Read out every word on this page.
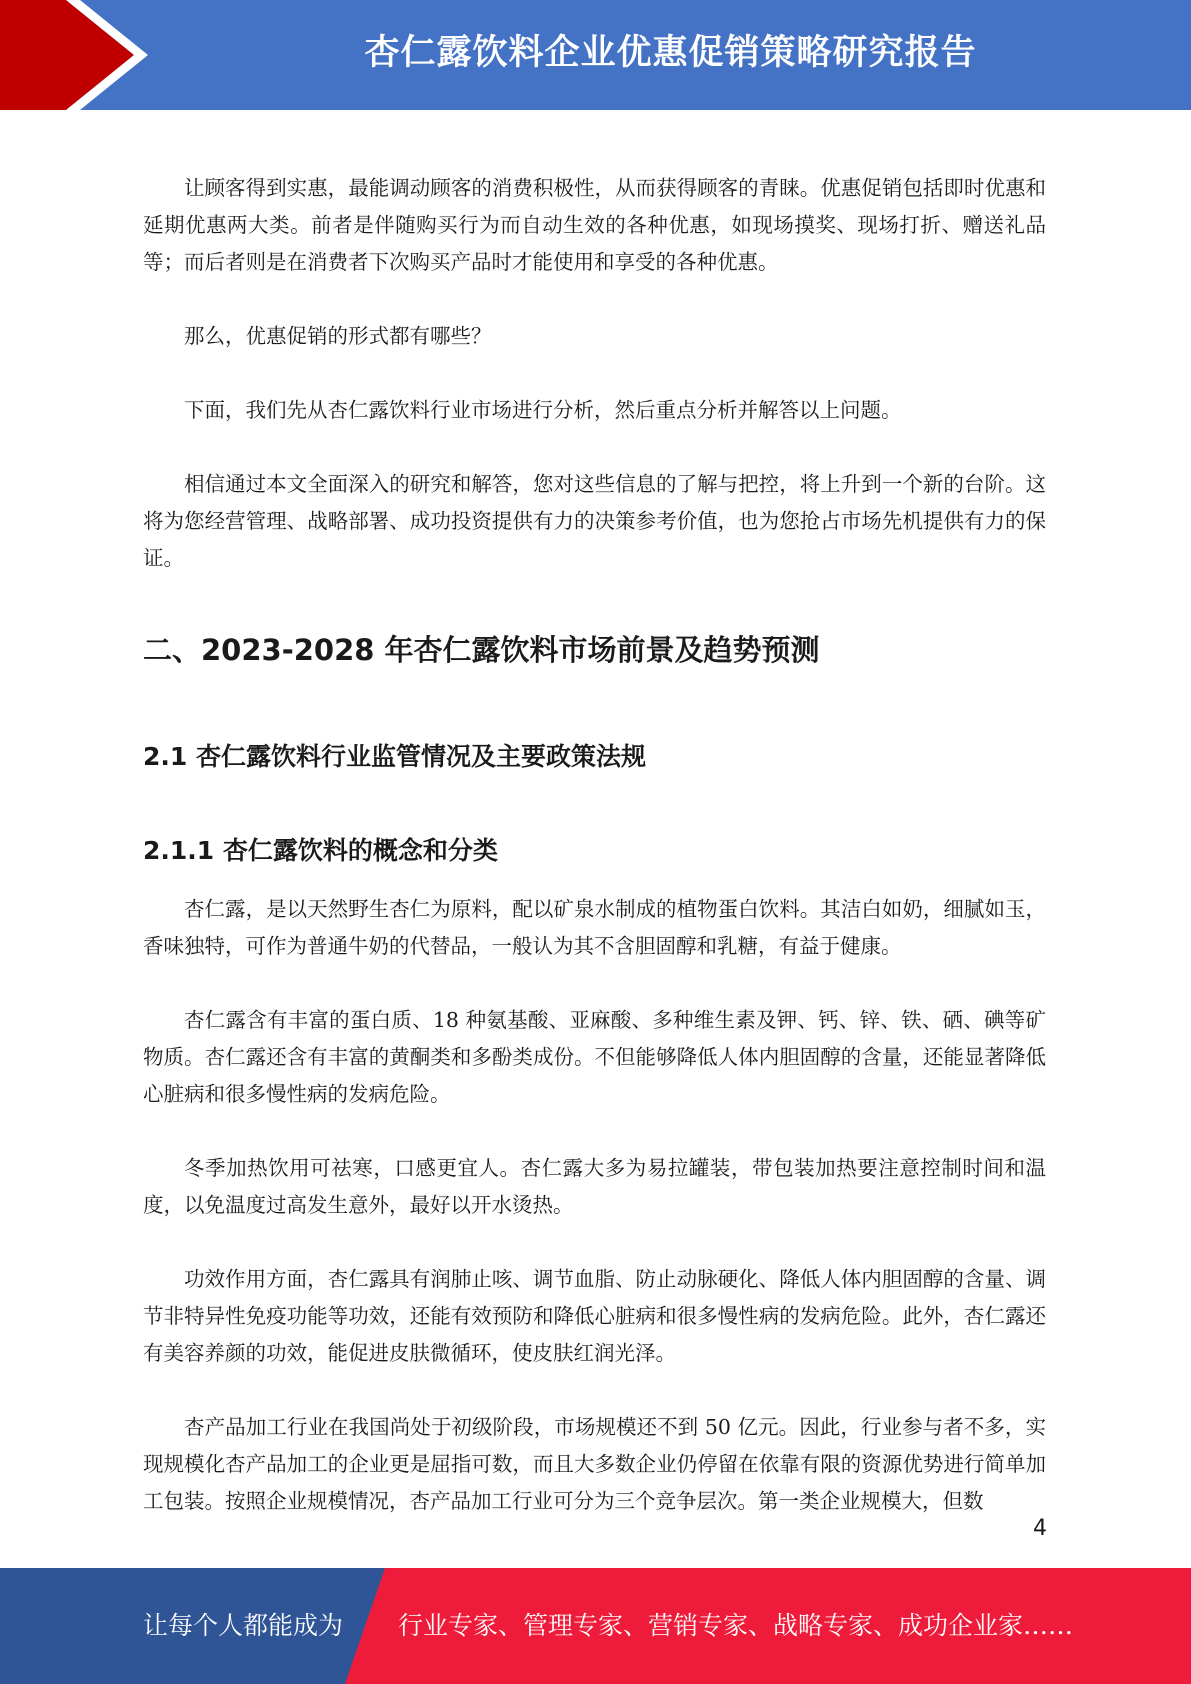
杏仁露饮料企业优惠促销策略研究报告

让顾客得到实惠，最能调动顾客的消费积极性，从而获得顾客的青睐。优惠促销包括即时优惠和延期优惠两大类。前者是伴随购买行为而自动生效的各种优惠，如现场摸奖、现场打折、赠送礼品等；而后者则是在消费者下次购买产品时才能使用和享受的各种优惠。

那么，优惠促销的形式都有哪些？

下面，我们先从杏仁露饮料行业市场进行分析，然后重点分析并解答以上问题。

相信通过本文全面深入的研究和解答，您对这些信息的了解与把控，将上升到一个新的台阶。这将为您经营管理、战略部署、成功投资提供有力的决策参考价值，也为您抢占市场先机提供有力的保证。

二、2023-2028 年杏仁露饮料市场前景及趋势预测
2.1 杏仁露饮料行业监管情况及主要政策法规
2.1.1 杏仁露饮料的概念和分类

杏仁露，是以天然野生杏仁为原料，配以矿泉水制成的植物蛋白饮料。其洁白如奶，细腻如玉，香味独特，可作为普通牛奶的代替品，一般认为其不含胆固醇和乳糖，有益于健康。

杏仁露含有丰富的蛋白质、18 种氨基酸、亚麻酸、多种维生素及钾、钙、锌、铁、硒、碘等矿物质。杏仁露还含有丰富的黄酮类和多酚类成份。不但能够降低人体内胆固醇的含量，还能显著降低心脏病和很多慢性病的发病危险。

冬季加热饮用可祛寒，口感更宜人。杏仁露大多为易拉罐装，带包装加热要注意控制时间和温度，以免温度过高发生意外，最好以开水烫热。

功效作用方面，杏仁露具有润肺止咳、调节血脂、防止动脉硬化、降低人体内胆固醇的含量、调节非特异性免疫功能等功效，还能有效预防和降低心脏病和很多慢性病的发病危险。此外，杏仁露还有美容养颜的功效，能促进皮肤微循环，使皮肤红润光泽。

杏产品加工行业在我国尚处于初级阶段，市场规模还不到 50 亿元。因此，行业参与者不多，实现规模化杏产品加工的企业更是屈指可数，而且大多数企业仍停留在依靠有限的资源优势进行简单加工包装。按照企业规模情况，杏产品加工行业可分为三个竞争层次。第一类企业规模大，但数

4
让每个人都能成为 行业专家、管理专家、营销专家、战略专家、成功企业家……
